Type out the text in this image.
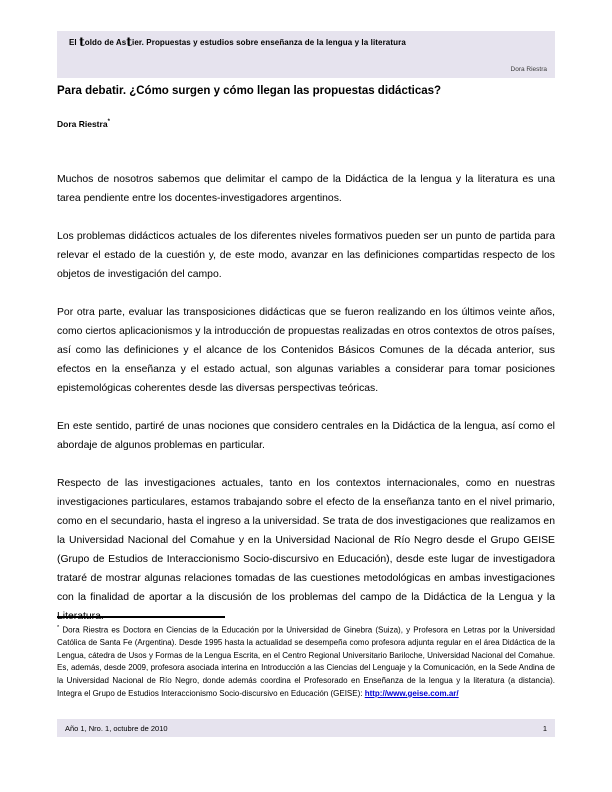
El toldo de Astier. Propuestas y estudios sobre enseñanza de la lengua y la literatura
Dora Riestra
Para debatir. ¿Cómo surgen y cómo llegan las propuestas didácticas?
Dora Riestra*

Muchos de nosotros sabemos que delimitar el campo de la Didáctica de la lengua y la literatura es una tarea pendiente entre los docentes-investigadores argentinos.

Los problemas didácticos actuales de los diferentes niveles formativos pueden ser un punto de partida para relevar el estado de la cuestión y, de este modo, avanzar en las definiciones compartidas respecto de los objetos de investigación del campo.

Por otra parte, evaluar las transposiciones didácticas que se fueron realizando en los últimos veinte años, como ciertos aplicacionismos y la introducción de propuestas realizadas en otros contextos de otros países, así como las definiciones y el alcance de los Contenidos Básicos Comunes de la década anterior, sus efectos en la enseñanza y el estado actual, son algunas variables a considerar para tomar posiciones epistemológicas coherentes desde las diversas perspectivas teóricas.

En este sentido, partiré de unas nociones que considero centrales en la Didáctica de la lengua, así como el abordaje de algunos problemas en particular.

Respecto de las investigaciones actuales, tanto en los contextos internacionales, como en nuestras investigaciones particulares, estamos trabajando sobre el efecto de la enseñanza tanto en el nivel primario, como en el secundario, hasta el ingreso a la universidad. Se trata de dos investigaciones que realizamos en la Universidad Nacional del Comahue y en la Universidad Nacional de Río Negro desde el Grupo GEISE (Grupo de Estudios de Interaccionismo Socio-discursivo en Educación), desde este lugar de investigadora trataré de mostrar algunas relaciones tomadas de las cuestiones metodológicas en ambas investigaciones con la finalidad de aportar a la discusión de los problemas del campo de la Didáctica de la Lengua y la Literatura.

* Dora Riestra es Doctora en Ciencias de la Educación por la Universidad de Ginebra (Suiza), y Profesora en Letras por la Universidad Católica de Santa Fe (Argentina). Desde 1995 hasta la actualidad se desempeña como profesora adjunta regular en el área Didáctica de la Lengua, cátedra de Usos y Formas de la Lengua Escrita, en el Centro Regional Universitario Bariloche, Universidad Nacional del Comahue. Es, además, desde 2009, profesora asociada interina en Introducción a las Ciencias del Lenguaje y la Comunicación, en la Sede Andina de la Universidad Nacional de Río Negro, donde además coordina el Profesorado en Enseñanza de la lengua y la literatura (a distancia). Integra el Grupo de Estudios Interaccionismo Socio-discursivo en Educación (GEISE): http://www.geise.com.ar/

Año 1, Nro. 1, octubre de 2010	1
